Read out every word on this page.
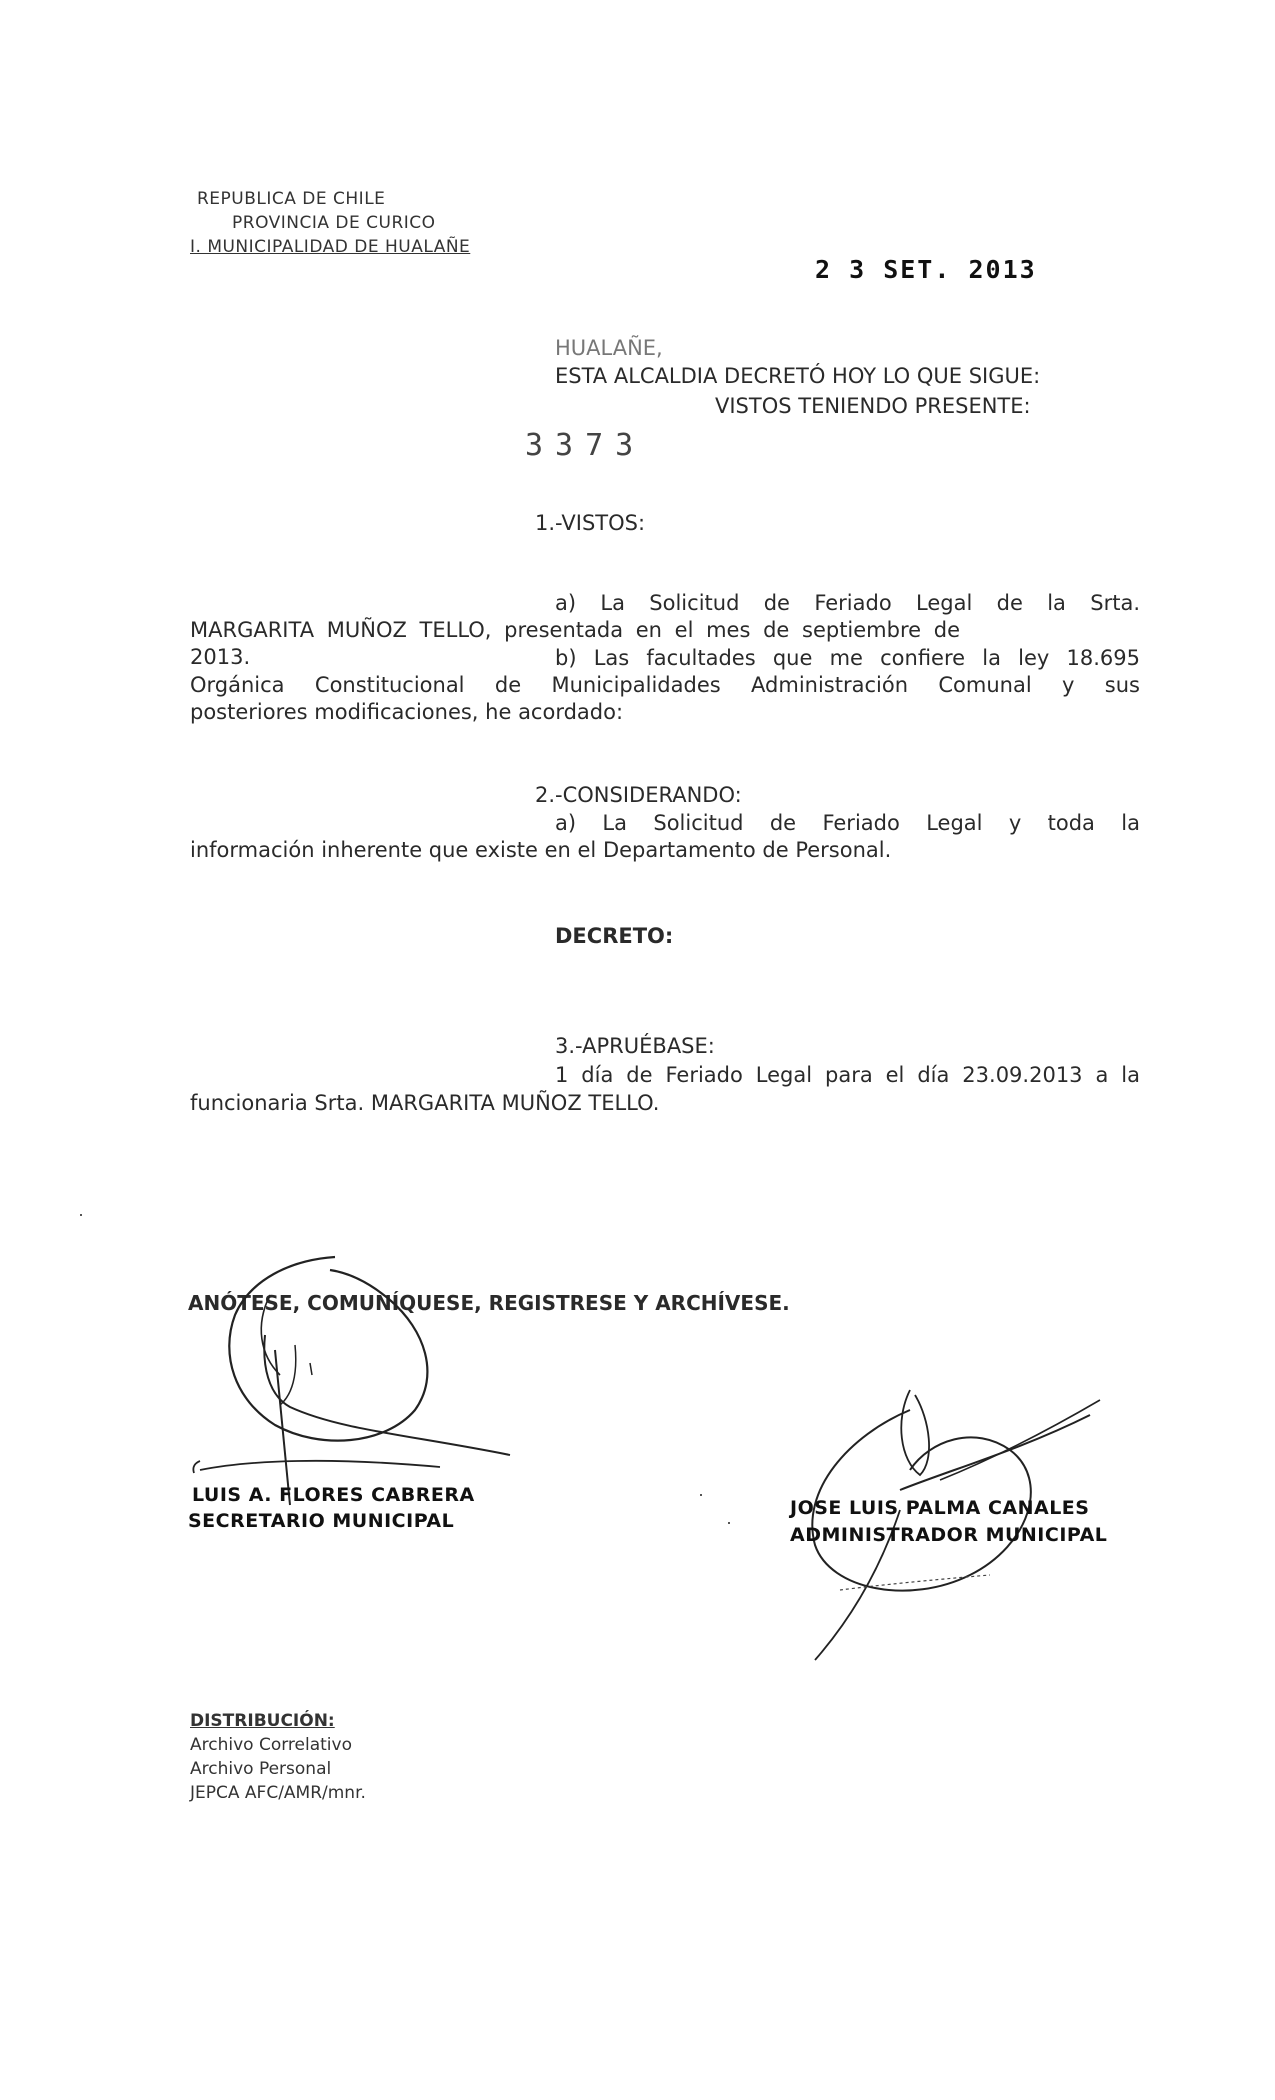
REPUBLICA DE CHILE
PROVINCIA DE CURICO
I. MUNICIPALIDAD DE HUALAÑE
2 3 SET. 2013
HUALAÑE,
ESTA ALCALDIA DECRETÓ HOY LO QUE SIGUE:
VISTOS TENIENDO PRESENTE:
3373
1.-VISTOS:
a) La Solicitud de Feriado Legal de la Srta.
MARGARITA MUÑOZ TELLO, presentada en el mes de septiembre de 2013.	b) Las facultades que me confiere la ley 18.695
Orgánica Constitucional de Municipalidades Administración Comunal y sus
posteriores modificaciones, he acordado:
2.-CONSIDERANDO:
a) La Solicitud de Feriado Legal y toda la
información inherente que existe en el Departamento de Personal.
DECRETO:
3.-APRUÉBASE:
1 día de Feriado Legal para el día 23.09.2013 a la
funcionaria Srta. MARGARITA MUÑOZ TELLO.
ANÓTESE, COMUNÍQUESE, REGISTRESE Y ARCHÍVESE.
LUIS A. FLORES CABRERA
SECRETARIO MUNICIPAL
JOSE LUIS PALMA CANALES
ADMINISTRADOR MUNICIPAL
DISTRIBUCIÓN:
Archivo Correlativo
Archivo Personal
JEPCA AFC/AMR/mnr.
